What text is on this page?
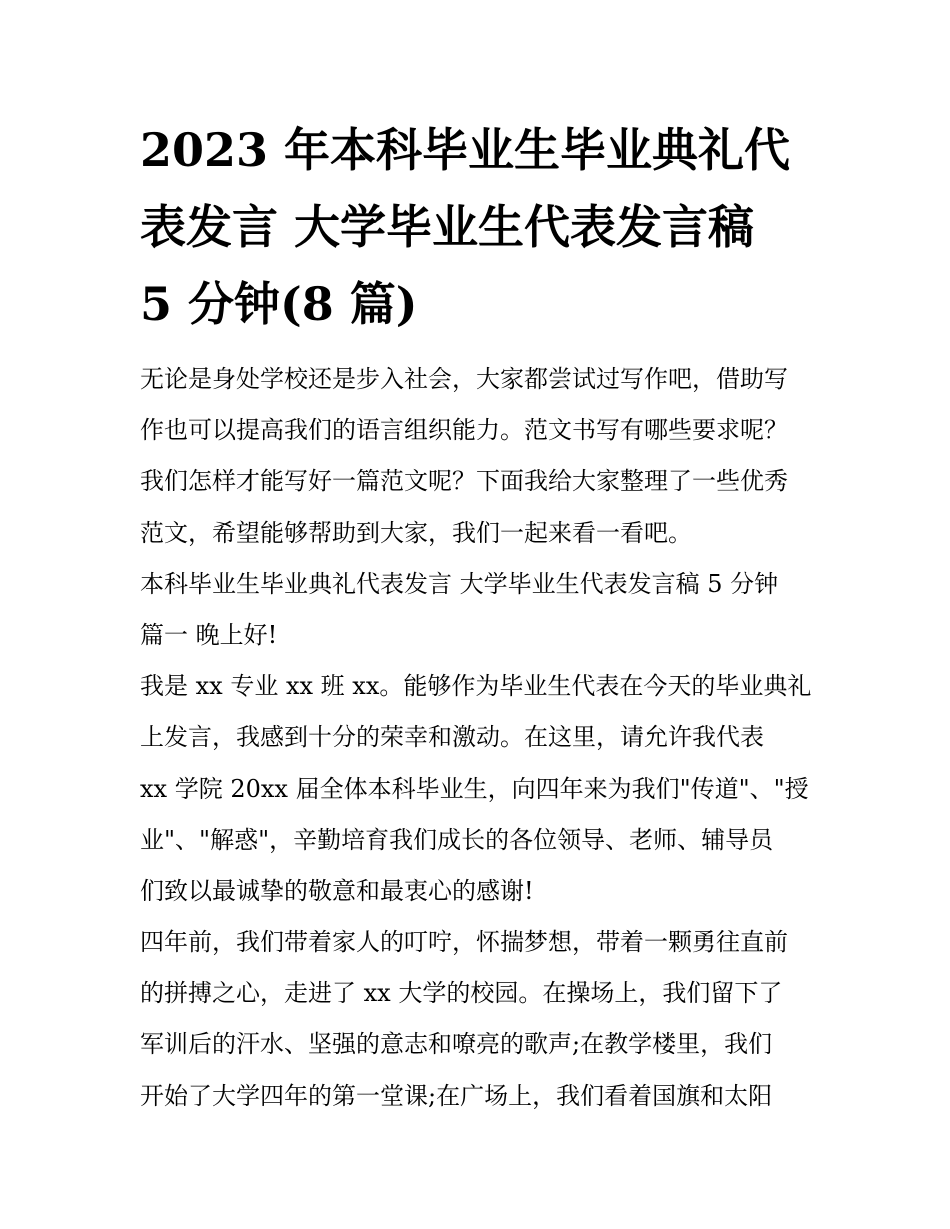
2023 年本科毕业生毕业典礼代
表发言 大学毕业生代表发言稿
5 分钟(8 篇)
无论是身处学校还是步入社会，大家都尝试过写作吧，借助写
作也可以提高我们的语言组织能力。范文书写有哪些要求呢？
我们怎样才能写好一篇范文呢？下面我给大家整理了一些优秀
范文，希望能够帮助到大家，我们一起来看一看吧。
本科毕业生毕业典礼代表发言 大学毕业生代表发言稿 5 分钟
篇一 晚上好!
我是 xx 专业 xx 班 xx。能够作为毕业生代表在今天的毕业典礼
上发言，我感到十分的荣幸和激动。在这里，请允许我代表
xx 学院 20xx 届全体本科毕业生，向四年来为我们"传道"、"授
业"、"解惑"，辛勤培育我们成长的各位领导、老师、辅导员
们致以最诚挚的敬意和最衷心的感谢!
四年前，我们带着家人的叮咛，怀揣梦想，带着一颗勇往直前
的拼搏之心，走进了 xx 大学的校园。在操场上，我们留下了
军训后的汗水、坚强的意志和嘹亮的歌声;在教学楼里，我们
开始了大学四年的第一堂课;在广场上，我们看着国旗和太阳
